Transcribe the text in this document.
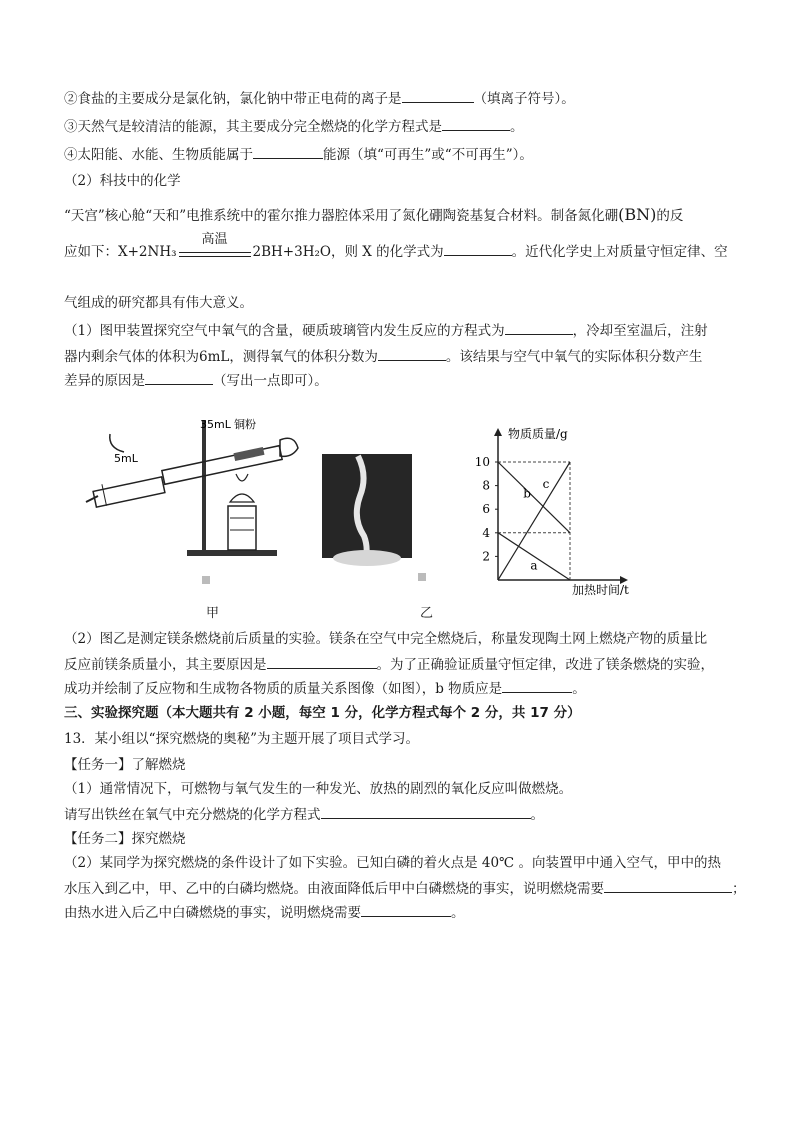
②食盐的主要成分是氯化钠，氯化钠中带正电荷的离子是	（填离子符号）。
③天然气是较清洁的能源，其主要成分完全燃烧的化学方程式是	。
④太阳能、水能、生物质能属于	能源（填“可再生”或“不可再生”）。
（2）科技中的化学
“天宫”核心舱“天和”电推系统中的霍尔推力器腔体采用了氮化硼陶瓷基复合材料。制备氮化硼(BN)的反
应如下：X+2NH₃
高温
2BH+3H₂O，则 X 的化学式为	。近代化学史上对质量守恒定律、空
气组成的研究都具有伟大意义。
（1）图甲装置探究空气中氧气的含量，硬质玻璃管内发生反应的方程式为	，冷却至室温后，注射
器内剩余气体的体积为6mL，测得氧气的体积分数为	。该结果与空气中氧气的实际体积分数产生
差异的原因是	（写出一点即可）。
5mL
35mL 铜粉
甲	乙
物质质量/g
加热时间/t
2
4
6
8
10
a
b
c
（2）图乙是测定镁条燃烧前后质量的实验。镁条在空气中完全燃烧后，称量发现陶土网上燃烧产物的质量比
反应前镁条质量小，其主要原因是	。为了正确验证质量守恒定律，改进了镁条燃烧的实验，
成功并绘制了反应物和生成物各物质的质量关系图像（如图），b 物质应是	。
三、实验探究题（本大题共有 2 小题，每空 1 分，化学方程式每个 2 分，共 17 分）
13．某小组以“探究燃烧的奥秘”为主题开展了项目式学习。
【任务一】了解燃烧
（1）通常情况下，可燃物与氧气发生的一种发光、放热的剧烈的氧化反应叫做燃烧。
请写出铁丝在氧气中充分燃烧的化学方程式	。
【任务二】探究燃烧
（2）某同学为探究燃烧的条件设计了如下实验。已知白磷的着火点是 40℃ 。向装置甲中通入空气，甲中的热
水压入到乙中，甲、乙中的白磷均燃烧。由液面降低后甲中白磷燃烧的事实，说明燃烧需要	；
由热水进入后乙中白磷燃烧的事实，说明燃烧需要	。
